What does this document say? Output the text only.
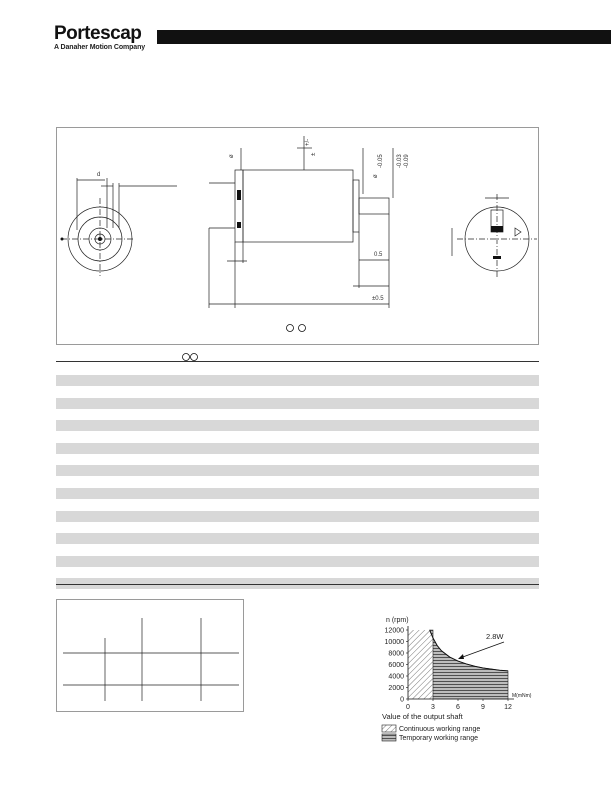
Portescap
A Danaher Motion Company
d
ø
ø
-0.03 -0.09
-0.05
0.5
±0.5
+/-
±
0
2000
4000
6000
8000
10000
12000
0	3	6	9	12
n (rpm)
M(mNm)
2.8W
Value of the output shaft
Continuous working range
Temporary working range
